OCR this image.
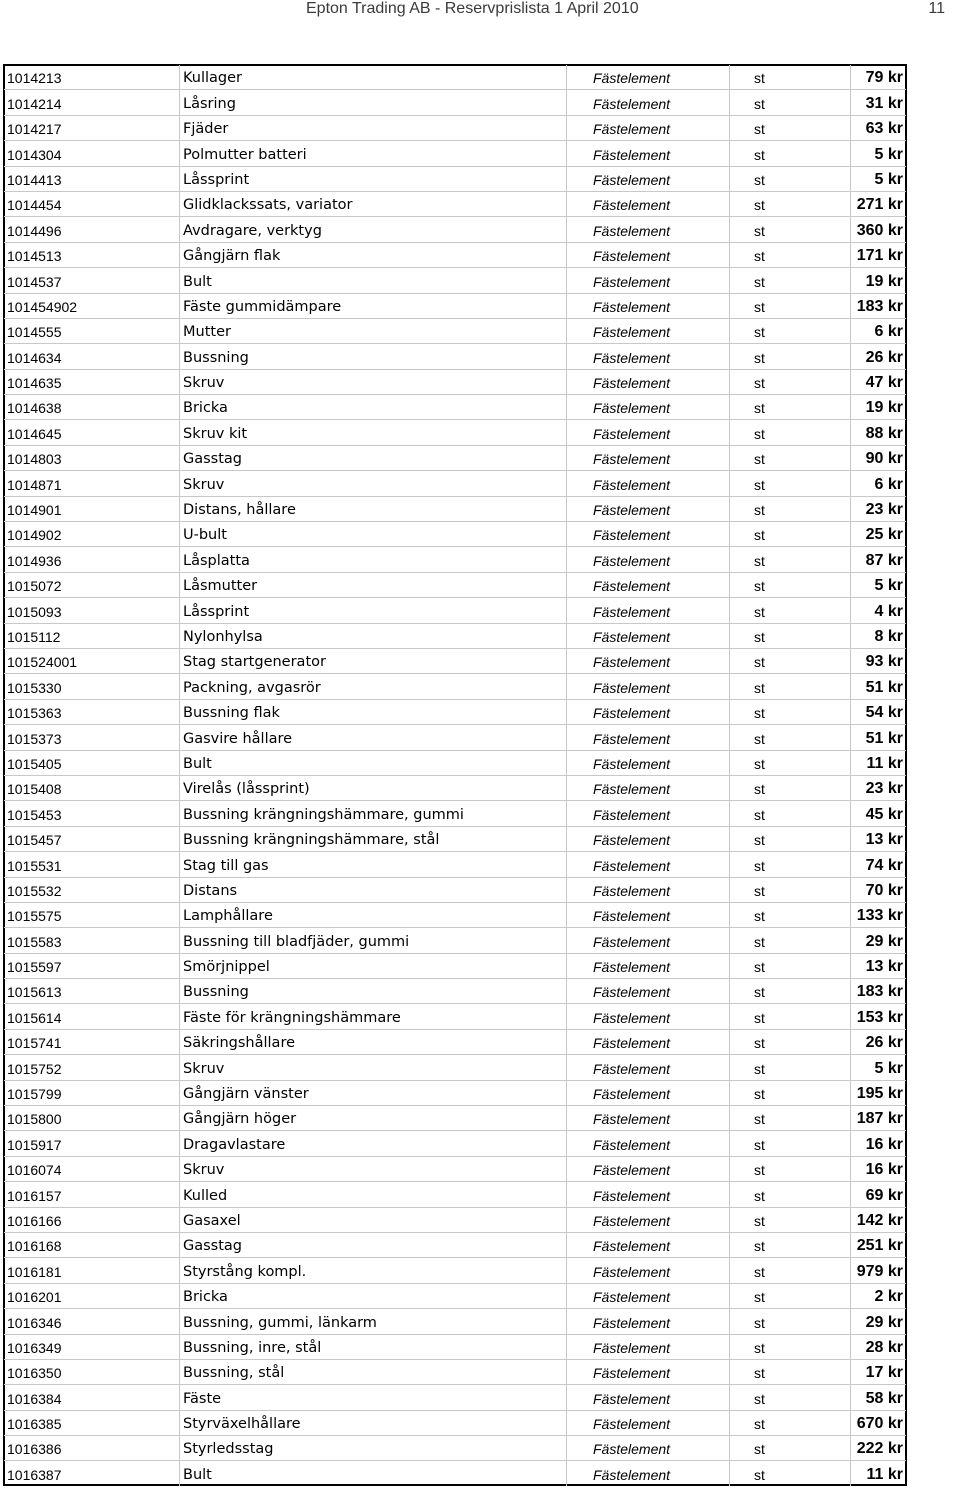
Epton Trading AB - Reservprislista 1 April 2010	11
1014213	Kullager	Fästelement	st	79 kr
1014214	Låsring	Fästelement	st	31 kr
1014217	Fjäder	Fästelement	st	63 kr
1014304	Polmutter batteri	Fästelement	st	5 kr
1014413	Låssprint	Fästelement	st	5 kr
1014454	Glidklackssats, variator	Fästelement	st	271 kr
1014496	Avdragare, verktyg	Fästelement	st	360 kr
1014513	Gångjärn flak	Fästelement	st	171 kr
1014537	Bult	Fästelement	st	19 kr
101454902	Fäste gummidämpare	Fästelement	st	183 kr
1014555	Mutter	Fästelement	st	6 kr
1014634	Bussning	Fästelement	st	26 kr
1014635	Skruv	Fästelement	st	47 kr
1014638	Bricka	Fästelement	st	19 kr
1014645	Skruv kit	Fästelement	st	88 kr
1014803	Gasstag	Fästelement	st	90 kr
1014871	Skruv	Fästelement	st	6 kr
1014901	Distans, hållare	Fästelement	st	23 kr
1014902	U-bult	Fästelement	st	25 kr
1014936	Låsplatta	Fästelement	st	87 kr
1015072	Låsmutter	Fästelement	st	5 kr
1015093	Låssprint	Fästelement	st	4 kr
1015112	Nylonhylsa	Fästelement	st	8 kr
101524001	Stag startgenerator	Fästelement	st	93 kr
1015330	Packning, avgasrör	Fästelement	st	51 kr
1015363	Bussning flak	Fästelement	st	54 kr
1015373	Gasvire hållare	Fästelement	st	51 kr
1015405	Bult	Fästelement	st	11 kr
1015408	Virelås (låssprint)	Fästelement	st	23 kr
1015453	Bussning krängningshämmare, gummi	Fästelement	st	45 kr
1015457	Bussning krängningshämmare, stål	Fästelement	st	13 kr
1015531	Stag till gas	Fästelement	st	74 kr
1015532	Distans	Fästelement	st	70 kr
1015575	Lamphållare	Fästelement	st	133 kr
1015583	Bussning till bladfjäder, gummi	Fästelement	st	29 kr
1015597	Smörjnippel	Fästelement	st	13 kr
1015613	Bussning	Fästelement	st	183 kr
1015614	Fäste för krängningshämmare	Fästelement	st	153 kr
1015741	Säkringshållare	Fästelement	st	26 kr
1015752	Skruv	Fästelement	st	5 kr
1015799	Gångjärn vänster	Fästelement	st	195 kr
1015800	Gångjärn höger	Fästelement	st	187 kr
1015917	Dragavlastare	Fästelement	st	16 kr
1016074	Skruv	Fästelement	st	16 kr
1016157	Kulled	Fästelement	st	69 kr
1016166	Gasaxel	Fästelement	st	142 kr
1016168	Gasstag	Fästelement	st	251 kr
1016181	Styrstång kompl.	Fästelement	st	979 kr
1016201	Bricka	Fästelement	st	2 kr
1016346	Bussning, gummi, länkarm	Fästelement	st	29 kr
1016349	Bussning, inre, stål	Fästelement	st	28 kr
1016350	Bussning, stål	Fästelement	st	17 kr
1016384	Fäste	Fästelement	st	58 kr
1016385	Styrväxelhållare	Fästelement	st	670 kr
1016386	Styrledsstag	Fästelement	st	222 kr
1016387	Bult	Fästelement	st	11 kr
